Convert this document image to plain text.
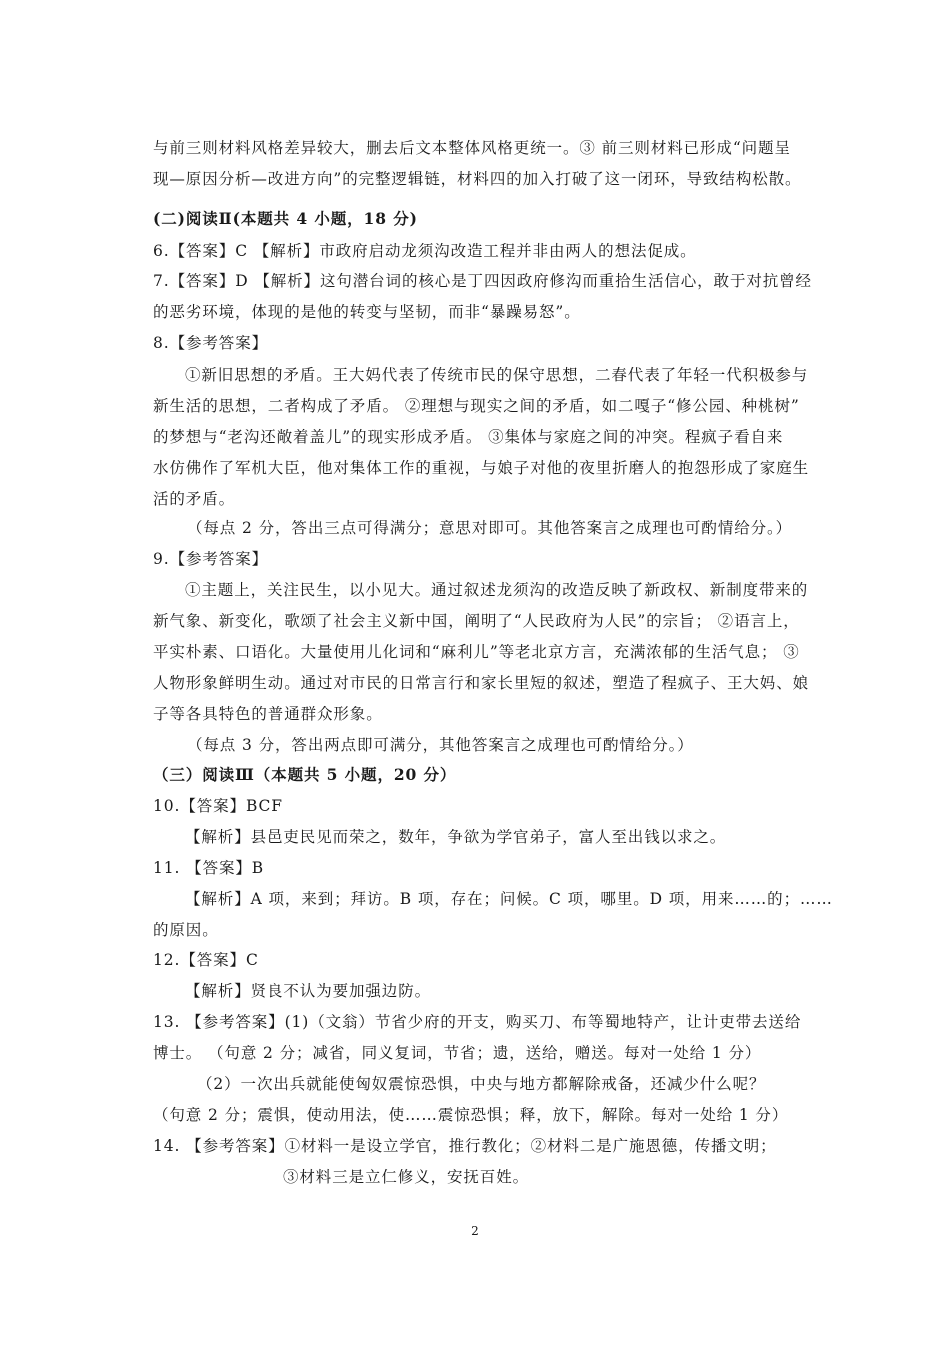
与前三则材料风格差异较大，删去后文本整体风格更统一。③ 前三则材料已形成“问题呈
现—原因分析—改进方向”的完整逻辑链，材料四的加入打破了这一闭环，导致结构松散。
(二)阅读Ⅱ(本题共 4 小题，18 分)
6.【答案】C 【解析】市政府启动龙须沟改造工程并非由两人的想法促成。
7.【答案】D 【解析】这句潜台词的核心是丁四因政府修沟而重拾生活信心，敢于对抗曾经
的恶劣环境，体现的是他的转变与坚韧，而非“暴躁易怒”。
8.【参考答案】
①新旧思想的矛盾。王大妈代表了传统市民的保守思想，二春代表了年轻一代积极参与
新生活的思想，二者构成了矛盾。 ②理想与现实之间的矛盾，如二嘎子“修公园、种桃树”
的梦想与“老沟还敞着盖儿”的现实形成矛盾。 ③集体与家庭之间的冲突。程疯子看自来
水仿佛作了军机大臣，他对集体工作的重视，与娘子对他的夜里折磨人的抱怨形成了家庭生
活的矛盾。
（每点 2 分，答出三点可得满分；意思对即可。其他答案言之成理也可酌情给分。）
9.【参考答案】
①主题上，关注民生，以小见大。通过叙述龙须沟的改造反映了新政权、新制度带来的
新气象、新变化，歌颂了社会主义新中国，阐明了“人民政府为人民”的宗旨； ②语言上，
平实朴素、口语化。大量使用儿化词和“麻利儿”等老北京方言，充满浓郁的生活气息； ③
人物形象鲜明生动。通过对市民的日常言行和家长里短的叙述，塑造了程疯子、王大妈、娘
子等各具特色的普通群众形象。
（每点 3 分，答出两点即可满分，其他答案言之成理也可酌情给分。）
（三）阅读Ⅲ（本题共 5 小题，20 分）
10.【答案】BCF
【解析】县邑吏民见而荣之，数年，争欲为学官弟子，富人至出钱以求之。
11. 【答案】B
【解析】A 项，来到；拜访。B 项，存在；问候。C 项，哪里。D 项，用来……的；……
的原因。
12.【答案】C
【解析】贤良不认为要加强边防。
13. 【参考答案】(1)（文翁）节省少府的开支，购买刀、布等蜀地特产，让计吏带去送给
博士。 （句意 2 分；减省，同义复词，节省；遗，送给，赠送。每对一处给 1 分）
（2）一次出兵就能使匈奴震惊恐惧，中央与地方都解除戒备，还减少什么呢？
（句意 2 分；震惧，使动用法，使……震惊恐惧；释，放下，解除。每对一处给 1 分）
14. 【参考答案】①材料一是设立学官，推行教化；②材料二是广施恩德，传播文明；
③材料三是立仁修义，安抚百姓。
2
